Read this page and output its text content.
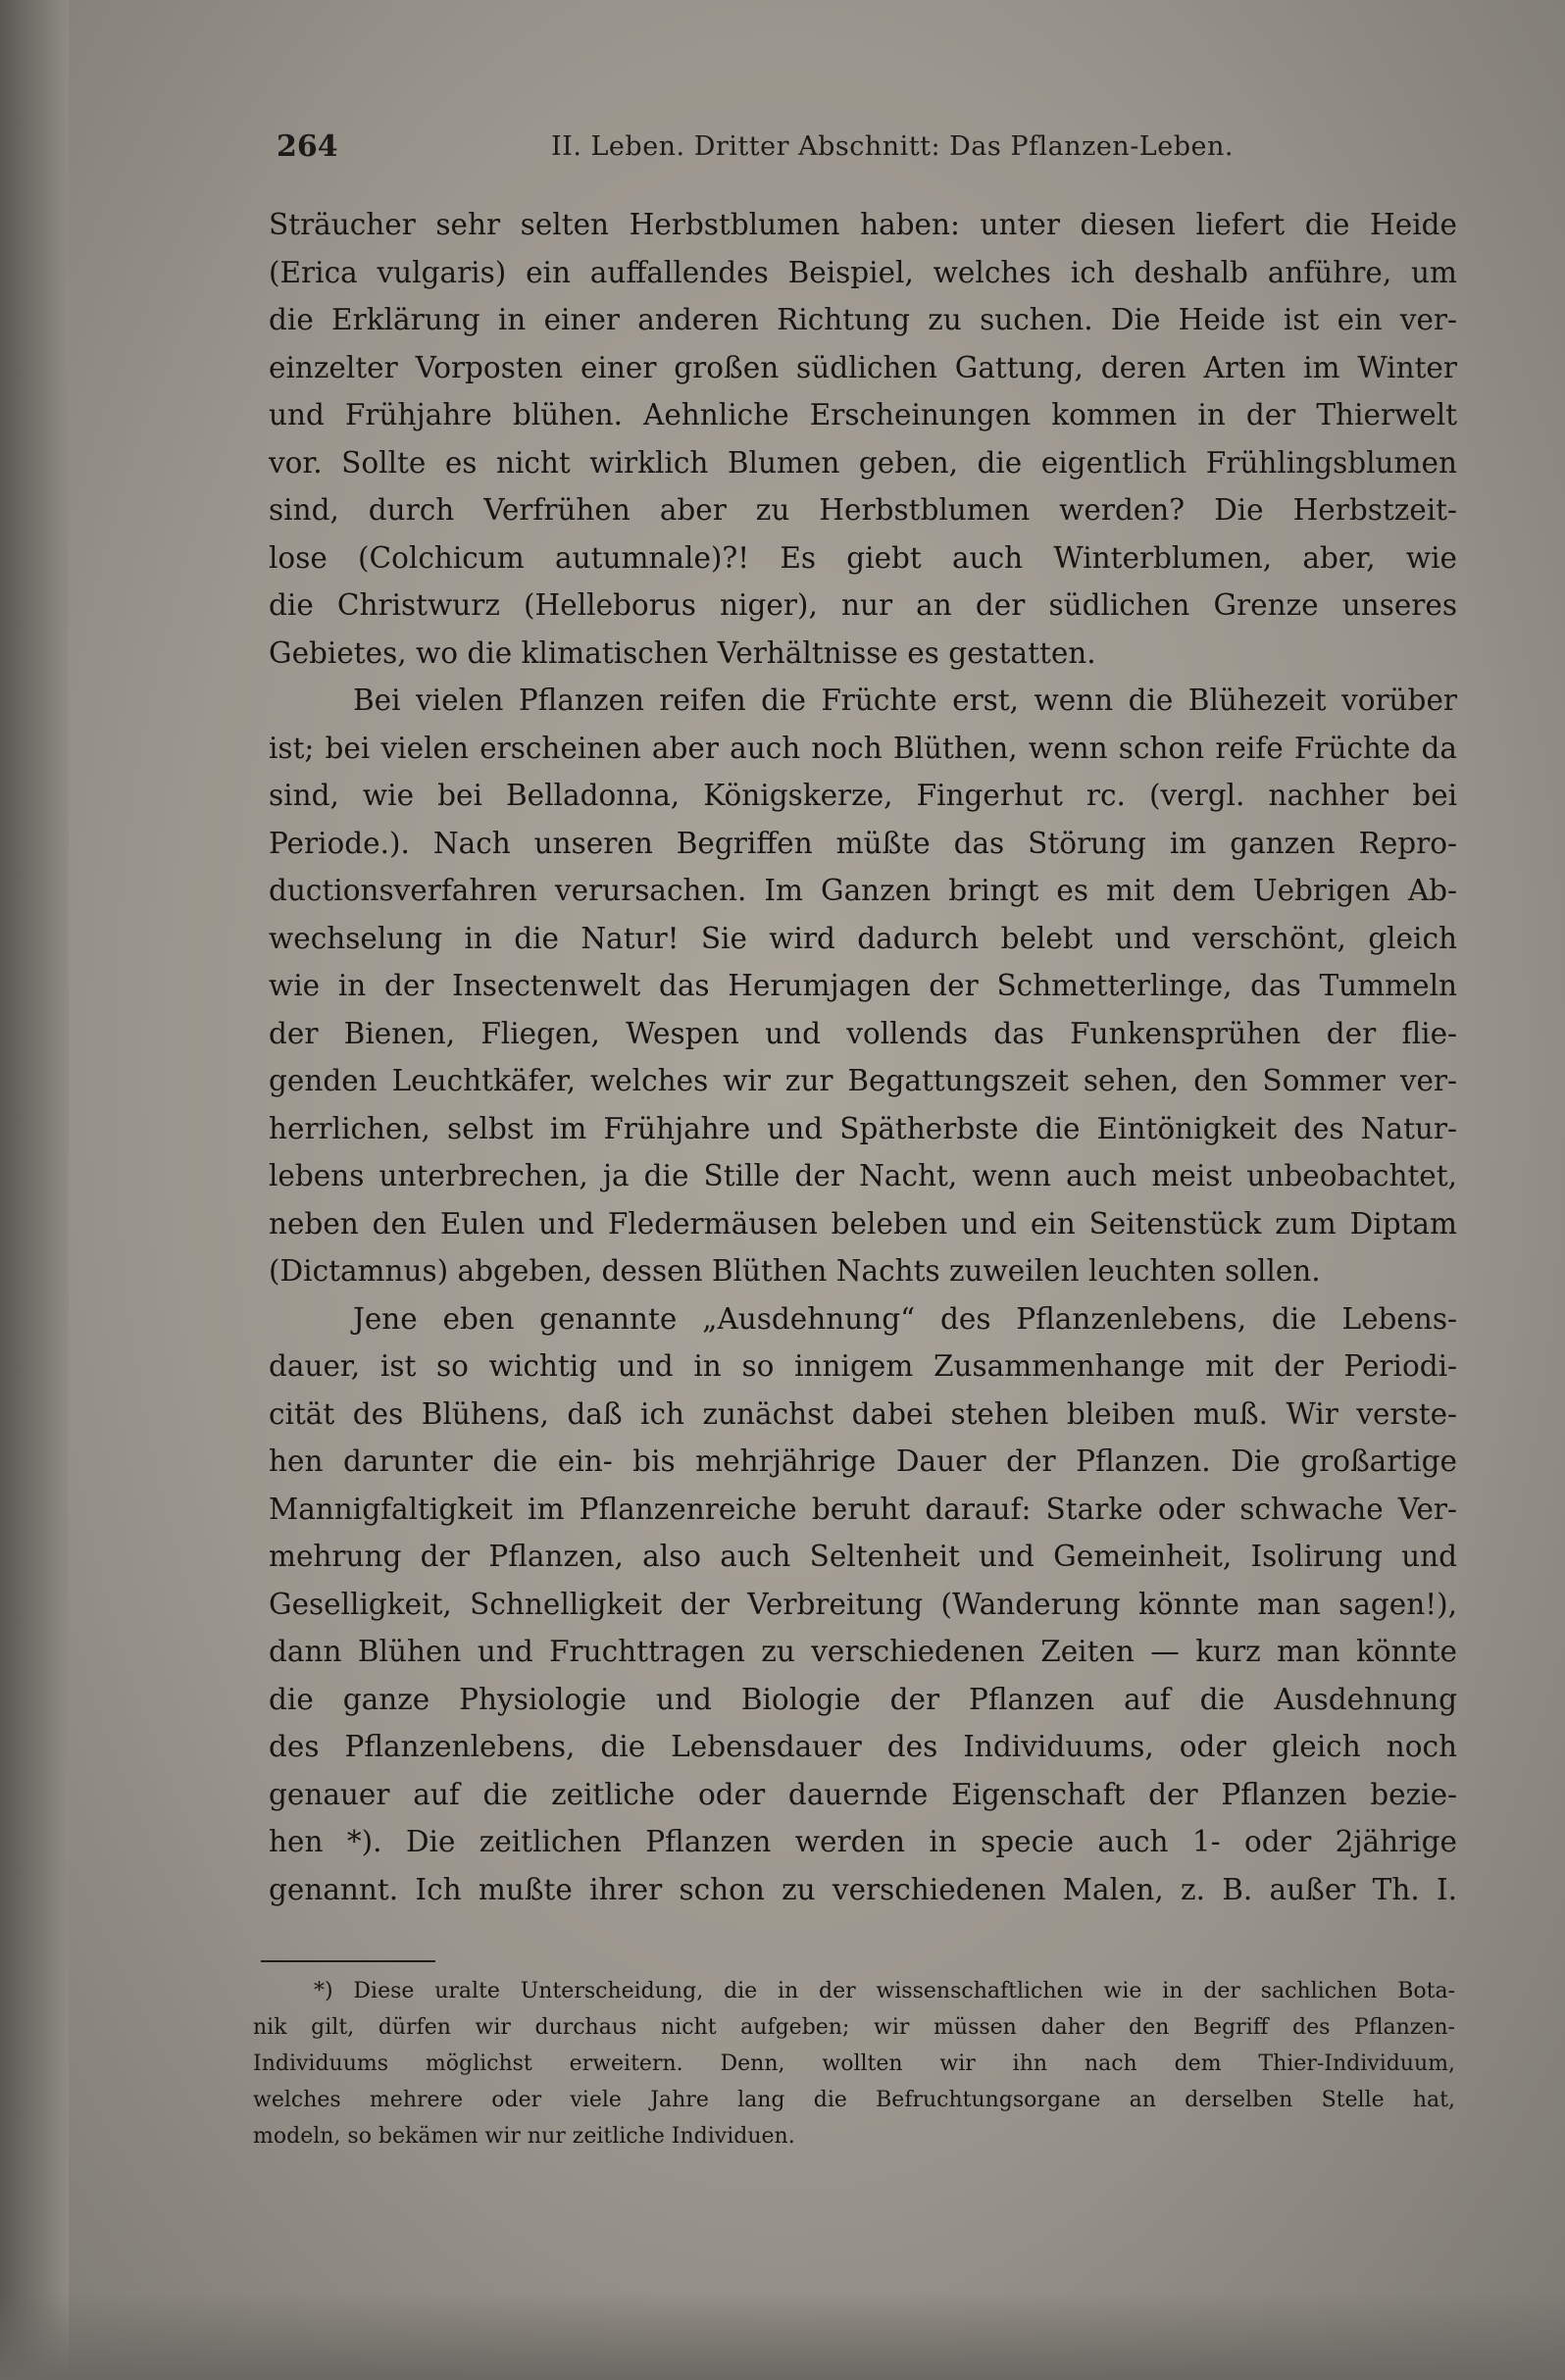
264	II. Leben. Dritter Abschnitt: Das Pflanzen-Leben.
Sträucher sehr selten Herbstblumen haben: unter diesen liefert die Heide
(Erica vulgaris) ein auffallendes Beispiel, welches ich deshalb anführe, um
die Erklärung in einer anderen Richtung zu suchen. Die Heide ist ein ver-
einzelter Vorposten einer großen südlichen Gattung, deren Arten im Winter
und Frühjahre blühen. Aehnliche Erscheinungen kommen in der Thierwelt
vor. Sollte es nicht wirklich Blumen geben, die eigentlich Frühlingsblumen
sind, durch Verfrühen aber zu Herbstblumen werden? Die Herbstzeit-
lose (Colchicum autumnale)?! Es giebt auch Winterblumen, aber, wie
die Christwurz (Helleborus niger), nur an der südlichen Grenze unseres
Gebietes, wo die klimatischen Verhältnisse es gestatten.
Bei vielen Pflanzen reifen die Früchte erst, wenn die Blühezeit vorüber
ist; bei vielen erscheinen aber auch noch Blüthen, wenn schon reife Früchte da
sind, wie bei Belladonna, Königskerze, Fingerhut rc. (vergl. nachher bei
Periode.). Nach unseren Begriffen müßte das Störung im ganzen Repro-
ductionsverfahren verursachen. Im Ganzen bringt es mit dem Uebrigen Ab-
wechselung in die Natur! Sie wird dadurch belebt und verschönt, gleich
wie in der Insectenwelt das Herumjagen der Schmetterlinge, das Tummeln
der Bienen, Fliegen, Wespen und vollends das Funkensprühen der flie-
genden Leuchtkäfer, welches wir zur Begattungszeit sehen, den Sommer ver-
herrlichen, selbst im Frühjahre und Spätherbste die Eintönigkeit des Natur-
lebens unterbrechen, ja die Stille der Nacht, wenn auch meist unbeobachtet,
neben den Eulen und Fledermäusen beleben und ein Seitenstück zum Diptam
(Dictamnus) abgeben, dessen Blüthen Nachts zuweilen leuchten sollen.
Jene eben genannte „Ausdehnung“ des Pflanzenlebens, die Lebens-
dauer, ist so wichtig und in so innigem Zusammenhange mit der Periodi-
cität des Blühens, daß ich zunächst dabei stehen bleiben muß. Wir verste-
hen darunter die ein- bis mehrjährige Dauer der Pflanzen. Die großartige
Mannigfaltigkeit im Pflanzenreiche beruht darauf: Starke oder schwache Ver-
mehrung der Pflanzen, also auch Seltenheit und Gemeinheit, Isolirung und
Geselligkeit, Schnelligkeit der Verbreitung (Wanderung könnte man sagen!),
dann Blühen und Fruchttragen zu verschiedenen Zeiten — kurz man könnte
die ganze Physiologie und Biologie der Pflanzen auf die Ausdehnung
des Pflanzenlebens, die Lebensdauer des Individuums, oder gleich noch
genauer auf die zeitliche oder dauernde Eigenschaft der Pflanzen bezie-
hen *). Die zeitlichen Pflanzen werden in specie auch 1- oder 2jährige
genannt. Ich mußte ihrer schon zu verschiedenen Malen, z. B. außer Th. I.
*) Diese uralte Unterscheidung, die in der wissenschaftlichen wie in der sachlichen Bota-
nik gilt, dürfen wir durchaus nicht aufgeben; wir müssen daher den Begriff des Pflanzen-
Individuums möglichst erweitern. Denn, wollten wir ihn nach dem Thier-Individuum,
welches mehrere oder viele Jahre lang die Befruchtungsorgane an derselben Stelle hat,
modeln, so bekämen wir nur zeitliche Individuen.
